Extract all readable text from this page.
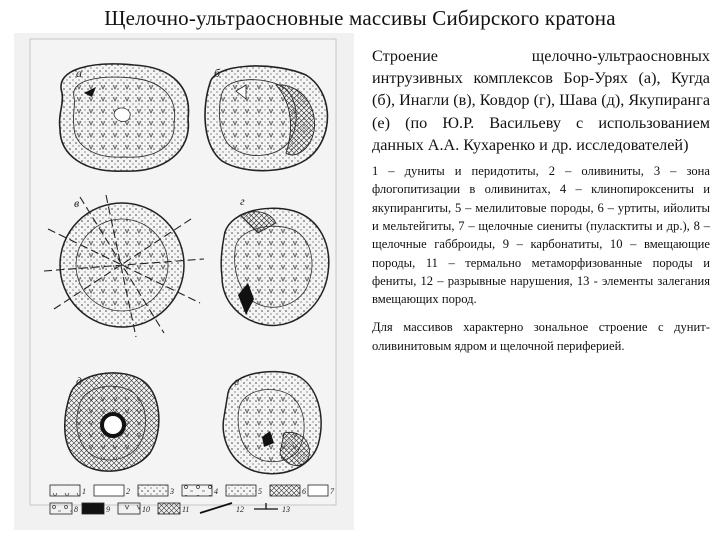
Щелочно-ультраосновные массивы Сибирского кратона
а	б
в	г
д	е
1	2	3	4	5	6	7
8	9	10	11	12	13

Строение щелочно-ультраосновных интрузивных комплексов Бор-Урях (а), Кугда (б), Инагли (в), Ковдор (г), Шава (д), Якупиранга (е) (по Ю.Р. Васильеву с использованием данных А.А. Кухаренко и др. исследователей)

1 – дуниты и перидотиты, 2 – оливиниты, 3 – зона флогопитизации в оливинитах, 4 – клинопироксениты и якупирангиты, 5 – мелилитовые породы, 6 – уртиты, ийолиты и мельтейгиты, 7 – щелочные сиениты (пуласктиты и др.), 8 – щелочные габброиды, 9 – карбонатиты, 10 – вмещающие породы, 11 – термально метаморфизованные породы и фениты, 12 – разрывные нарушения, 13 - элементы залегания вмещающих пород.

Для массивов характерно зональное строение с дунит-оливинитовым ядром и щелочной периферией.
